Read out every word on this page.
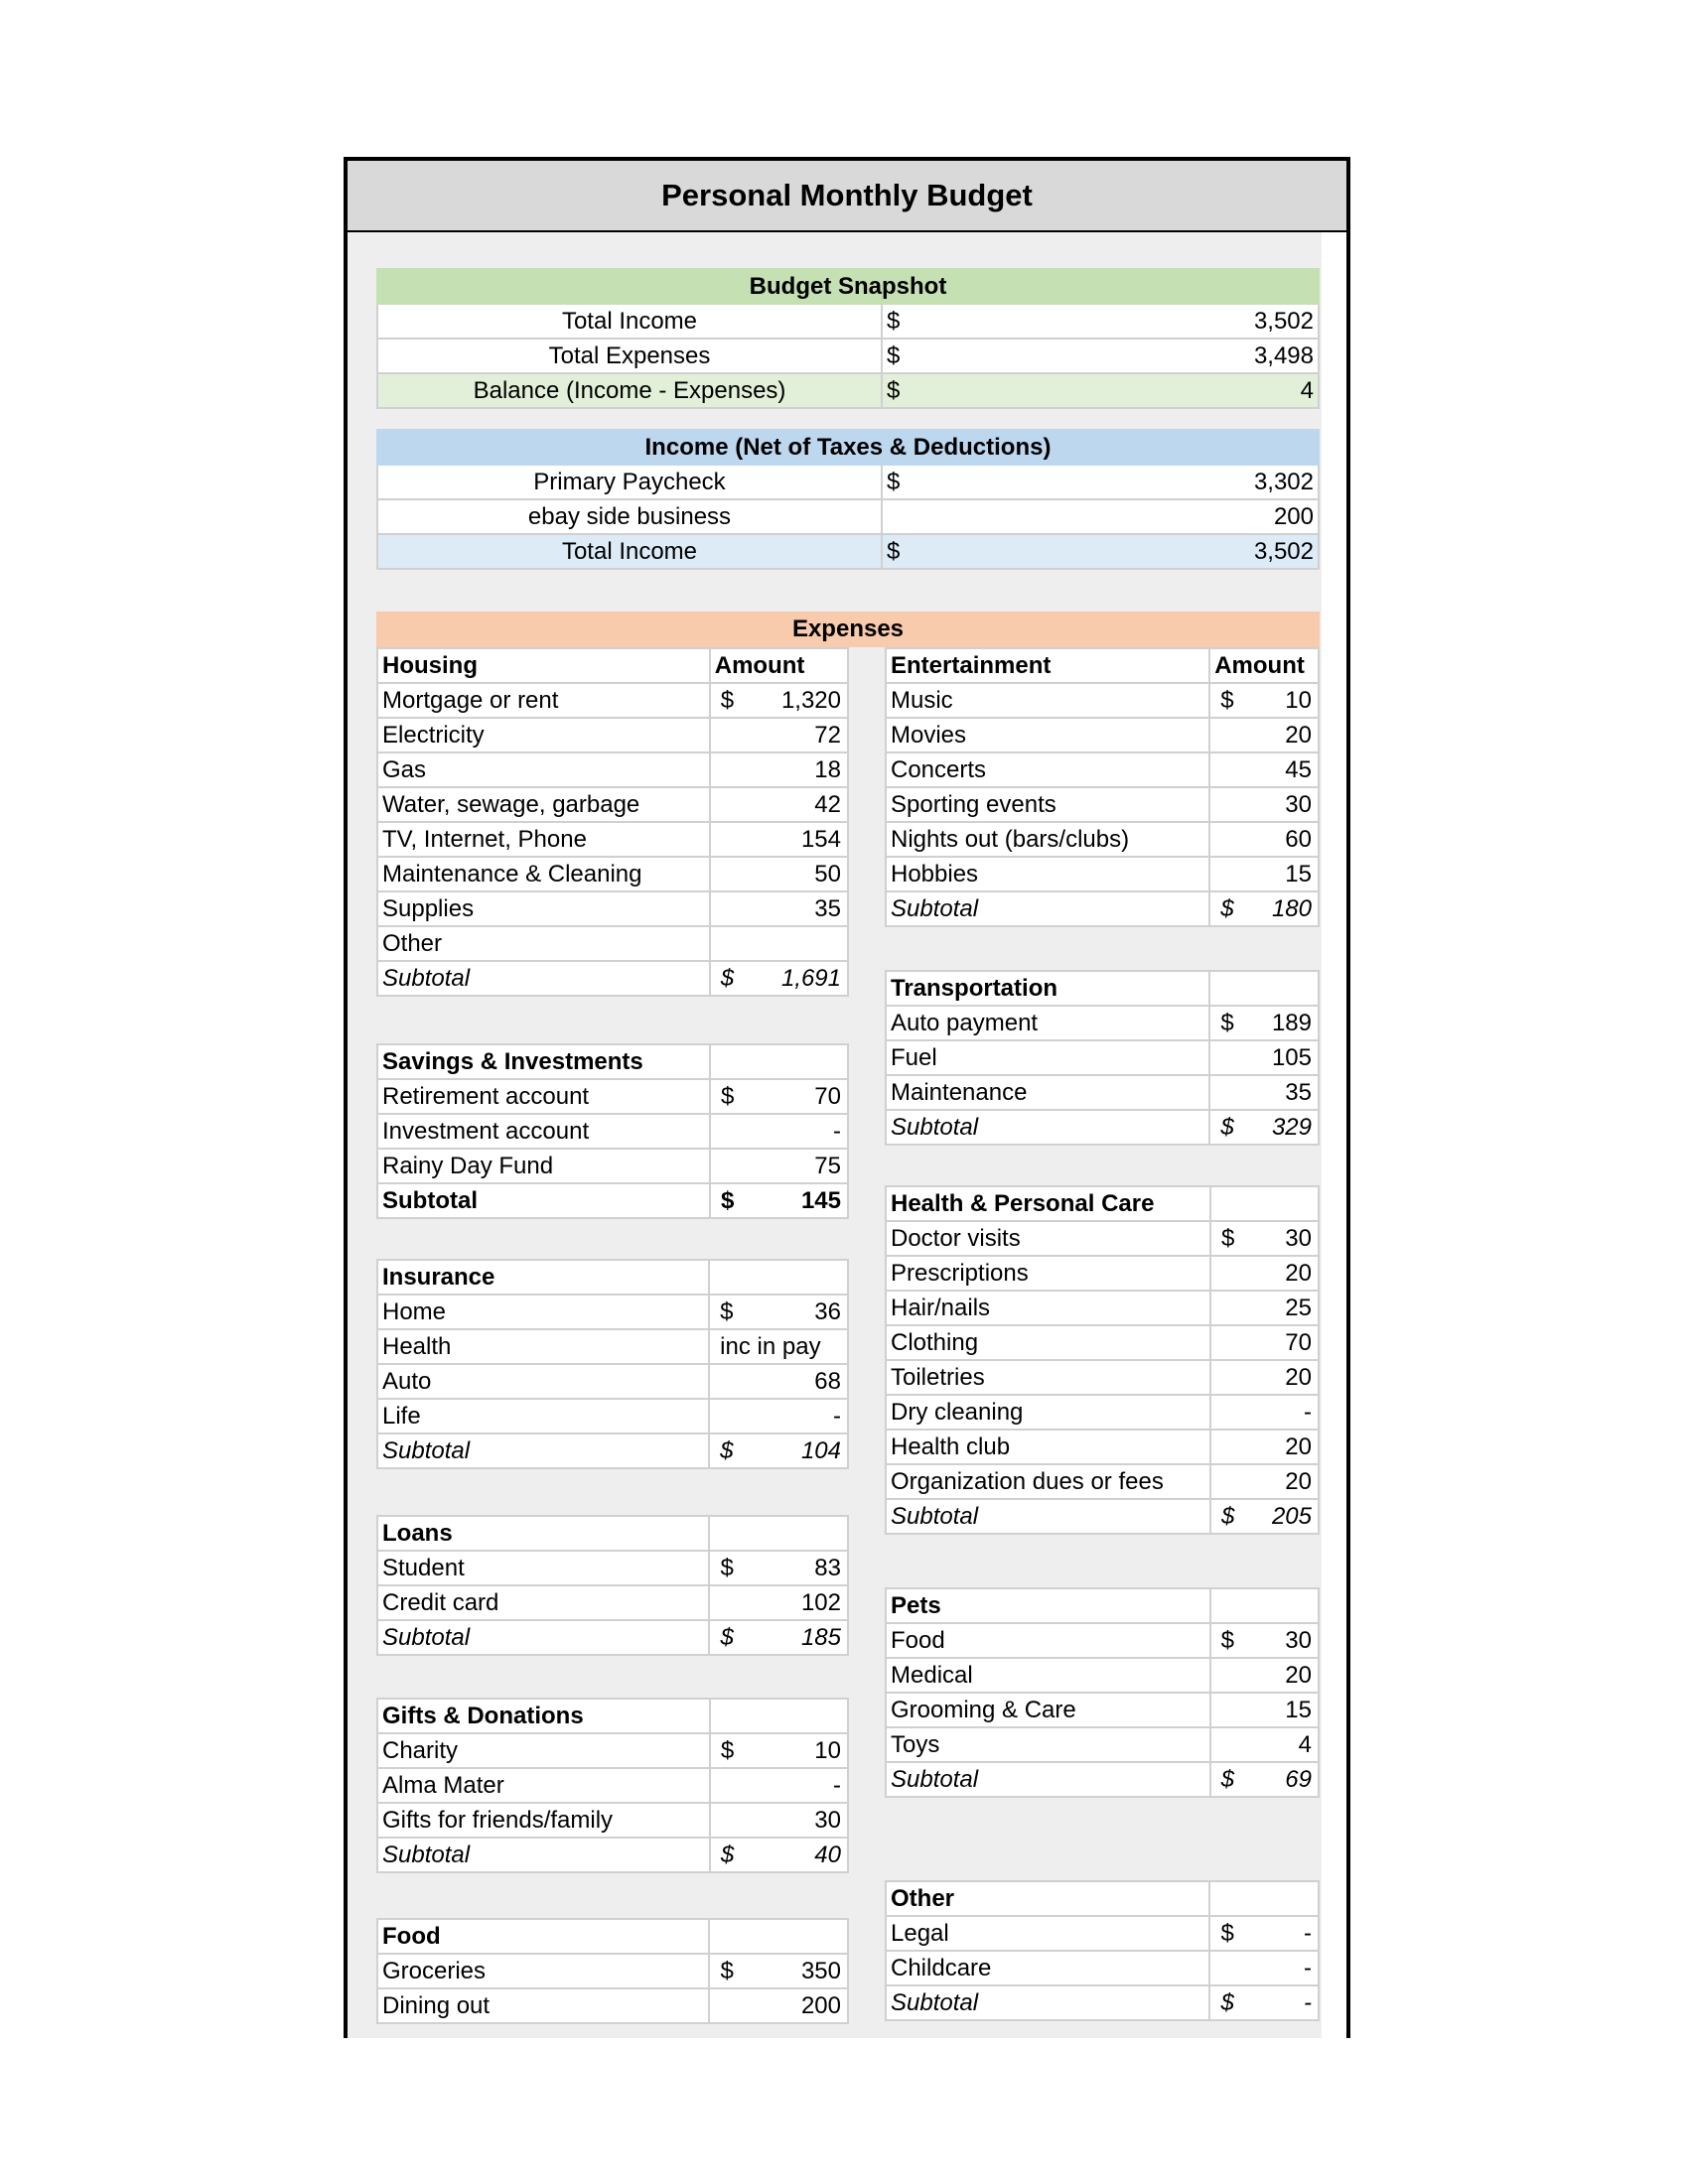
Personal Monthly Budget
Budget Snapshot		
Total Income	$	3,502
Total Expenses	$	3,498
Balance (Income - Expenses)	$	4
Income (Net of Taxes & Deductions)		
Primary Paycheck	$	3,302
ebay side business		200
Total Income	$	3,502
Expenses
Housing	Amount
Mortgage or rent	$ 1,320

Electricity	72

Gas	18

Water, sewage, garbage	42

TV, Internet, Phone	154

Maintenance & Cleaning	50

Supplies	35

Other	

Subtotal	$ 1,691
Savings & Investments	
Retirement account	$ 70

Investment account	-

Rainy Day Fund	75

Subtotal	$ 145
Insurance	
Home	$ 36

Health	inc in pay

Auto	68

Life	-

Subtotal	$ 104
Loans	
Student	$ 83

Credit card	102

Subtotal	$ 185
Gifts & Donations	
Charity	$ 10

Alma Mater	-

Gifts for friends/family	30

Subtotal	$ 40
Food	
Groceries	$ 350

Dining out	200
Entertainment	Amount
Music	$ 10

Movies	20

Concerts	45

Sporting events	30

Nights out (bars/clubs)	60

Hobbies	15

Subtotal	$ 180
Transportation	
Auto payment	$ 189

Fuel	105

Maintenance	35

Subtotal	$ 329
Health & Personal Care	
Doctor visits	$ 30

Prescriptions	20

Hair/nails	25

Clothing	70

Toiletries	20

Dry cleaning	-

Health club	20

Organization dues or fees	20

Subtotal	$ 205
Pets	
Food	$ 30

Medical	20

Grooming & Care	15

Toys	4

Subtotal	$ 69
Other	
Legal	$ -

Childcare	-

Subtotal	$ -
